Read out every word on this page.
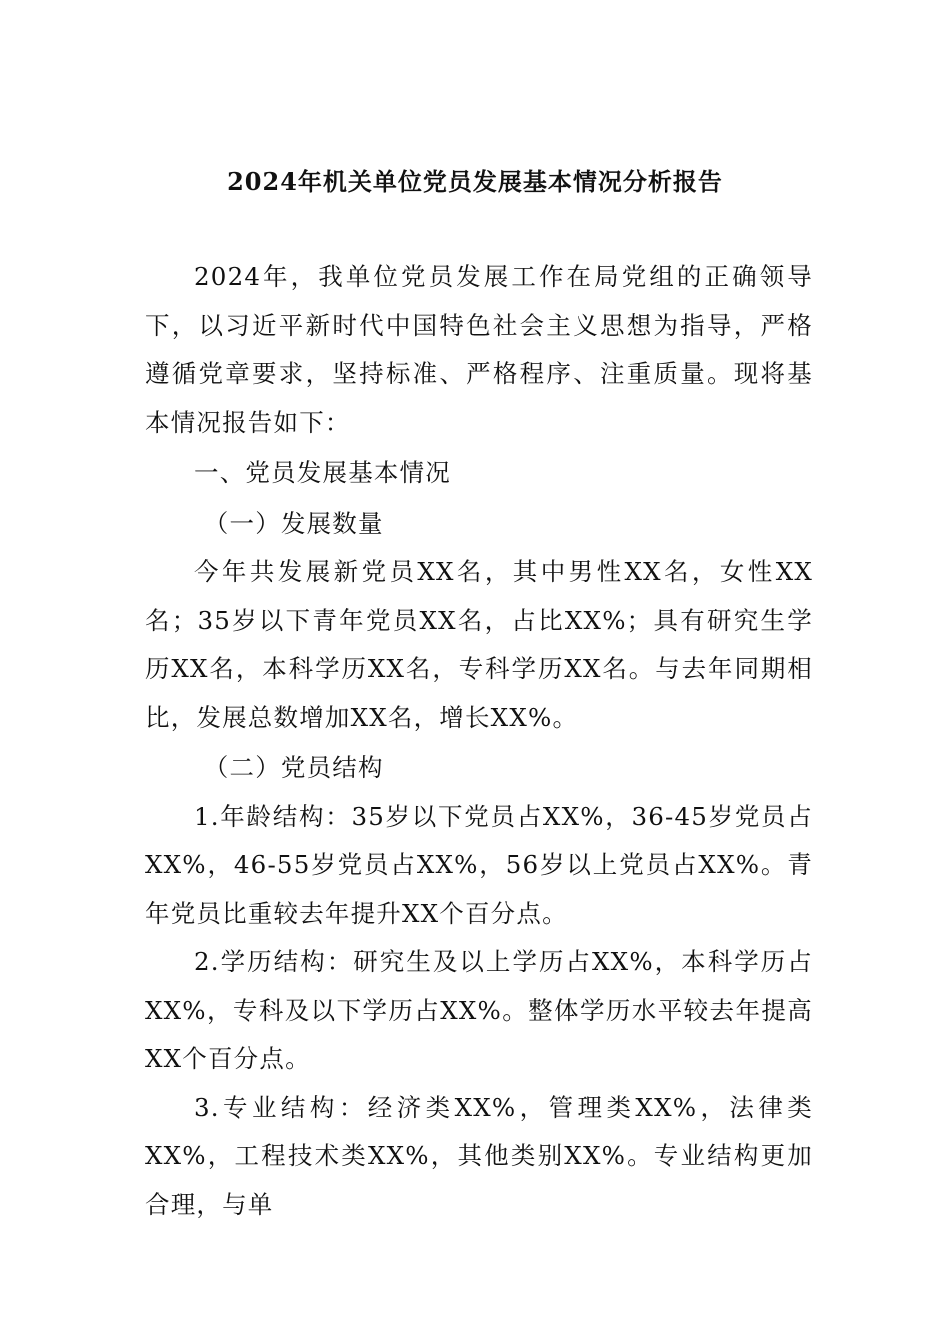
2024年机关单位党员发展基本情况分析报告

2024年，我单位党员发展工作在局党组的正确领导下，以习近平新时代中国特色社会主义思想为指导，严格遵循党章要求，坚持标准、严格程序、注重质量。现将基本情况报告如下：

一、党员发展基本情况

（一）发展数量

今年共发展新党员XX名，其中男性XX名，女性XX名；35岁以下青年党员XX名，占比XX%；具有研究生学历XX名，本科学历XX名，专科学历XX名。与去年同期相比，发展总数增加XX名，增长XX%。

（二）党员结构

1.年龄结构：35岁以下党员占XX%，36-45岁党员占XX%，46-55岁党员占XX%，56岁以上党员占XX%。青年党员比重较去年提升XX个百分点。

2.学历结构：研究生及以上学历占XX%，本科学历占XX%，专科及以下学历占XX%。整体学历水平较去年提高XX个百分点。

3.专业结构：经济类XX%，管理类XX%，法律类XX%，工程技术类XX%，其他类别XX%。专业结构更加合理，与单
